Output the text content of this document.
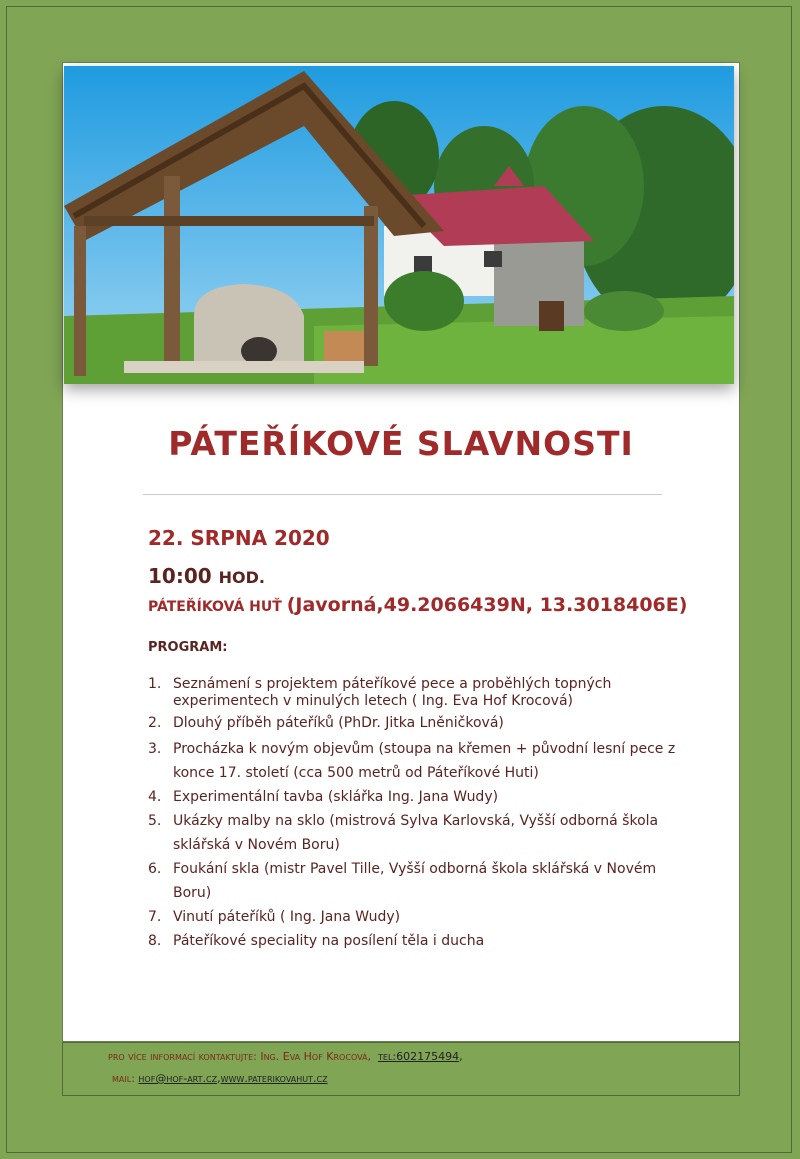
PÁTEŘÍKOVÉ SLAVNOSTI
22. SRPNA 2020
10:00 HOD.
PÁTEŘÍKOVÁ HUŤ (Javorná,49.2066439N, 13.3018406E)
PROGRAM:
1. Seznámení s projektem páteříkové pece a proběhlých topných experimentech v minulých letech ( Ing. Eva Hof Krocová)
2. Dlouhý příběh páteříků (PhDr. Jitka Lněničková)
3. Procházka k novým objevům (stoupa na křemen + původní lesní pece z konce 17. století (cca 500 metrů od Páteříkové Huti)
4. Experimentální tavba (sklářka Ing. Jana Wudy)
5. Ukázky malby na sklo (mistrová Sylva Karlovská, Vyšší odborná škola sklářská v Novém Boru)
6. Foukání skla (mistr Pavel Tille, Vyšší odborná škola sklářská v Novém Boru)
7. Vinutí páteříků ( Ing. Jana Wudy)
8. Páteříkové speciality na posílení těla i ducha
pro více informací kontaktujte: Ing. Eva Hof Krocová, tel:602175494,
mail: hof@hof-art.cz,www.paterikovahut.cz
